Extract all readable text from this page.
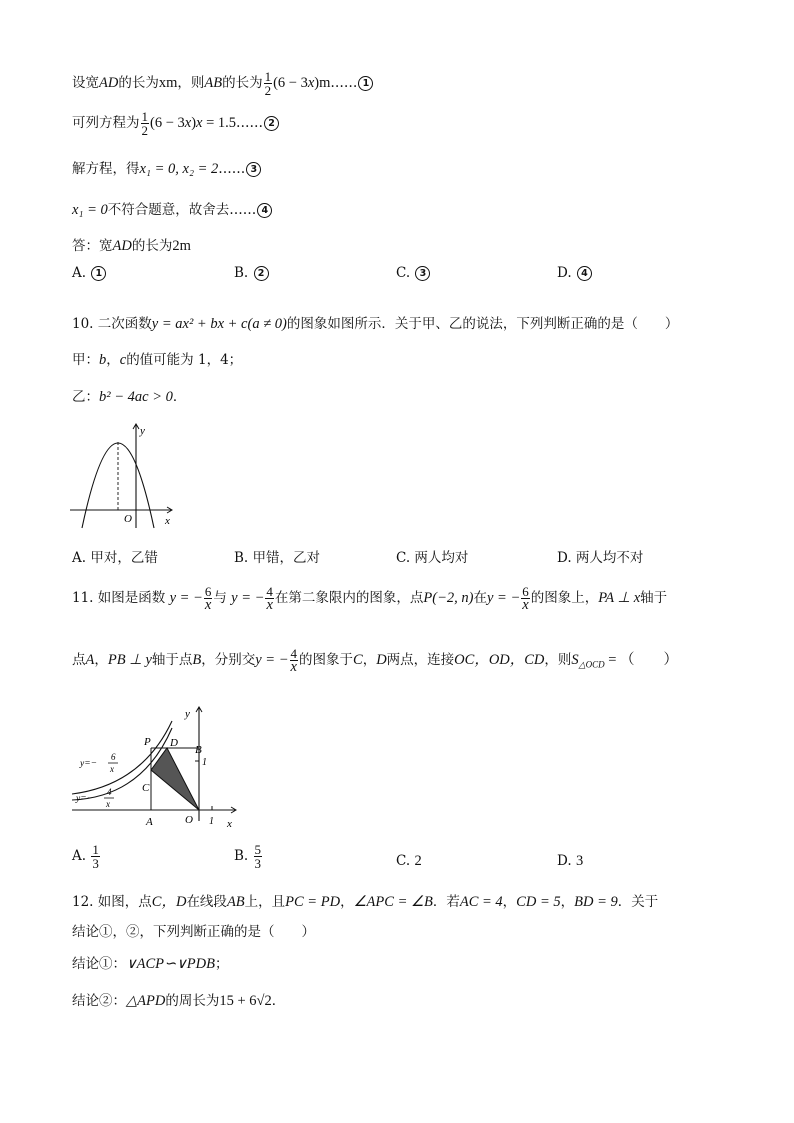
设宽AD的长为xm，则AB的长为 $\frac{1}{2} (6$ − 3x)m…… 1
可列方程为 $\frac{1}{2} (6 - 3x)x$ = 1.5…… 2
解方程，得x₁ = 0, x₂ = 2…… 3
x₁ = 0不符合题意，故舍去…… 4
答：宽AD的长为2m
A. 1	B. 2	C. 3	D. 4
10. 二次函数y = ax² + bx + c(a ≠ 0)的图象如图所示．关于甲、乙的说法，下列判断正确的是（　　）
甲：b，c的值可能为 1，4；
乙：b² − 4ac > 0．
y
x
O
A. 甲对，乙错	B. 甲错，乙对	C. 两人均对	D. 两人均不对
11. 如图是函数 y = − $\frac{6}{x}$ 与 y = − $\frac{4}{x}$ 在第二象限内的图象，点P(−2, n)在y = − $\frac{6}{x}$ 的图象上，PA ⊥ x轴于
点A，PB ⊥ y轴于点B，分别交y = − $\frac{4}{x}$ 的图象于C，D两点，连接OC，OD，CD，则$S_{\triangle OCD}$ = （　　）
y
x
P D
B
C
A	O 1
1
y=−
6
x
y=−
4
x
A. $\frac{1}{3}$	B. $\frac{5}{3}$	C. 2	D. 3
12. 如图，点C，D在线段AB上，且PC = PD，∠APC = ∠B．若AC = 4，CD = 5，BD = 9．关于
结论①，②，下列判断正确的是（　　）
结论①：∨ACP∽∨PDB；
结论②：△APD的周长为15 + 6√2．
